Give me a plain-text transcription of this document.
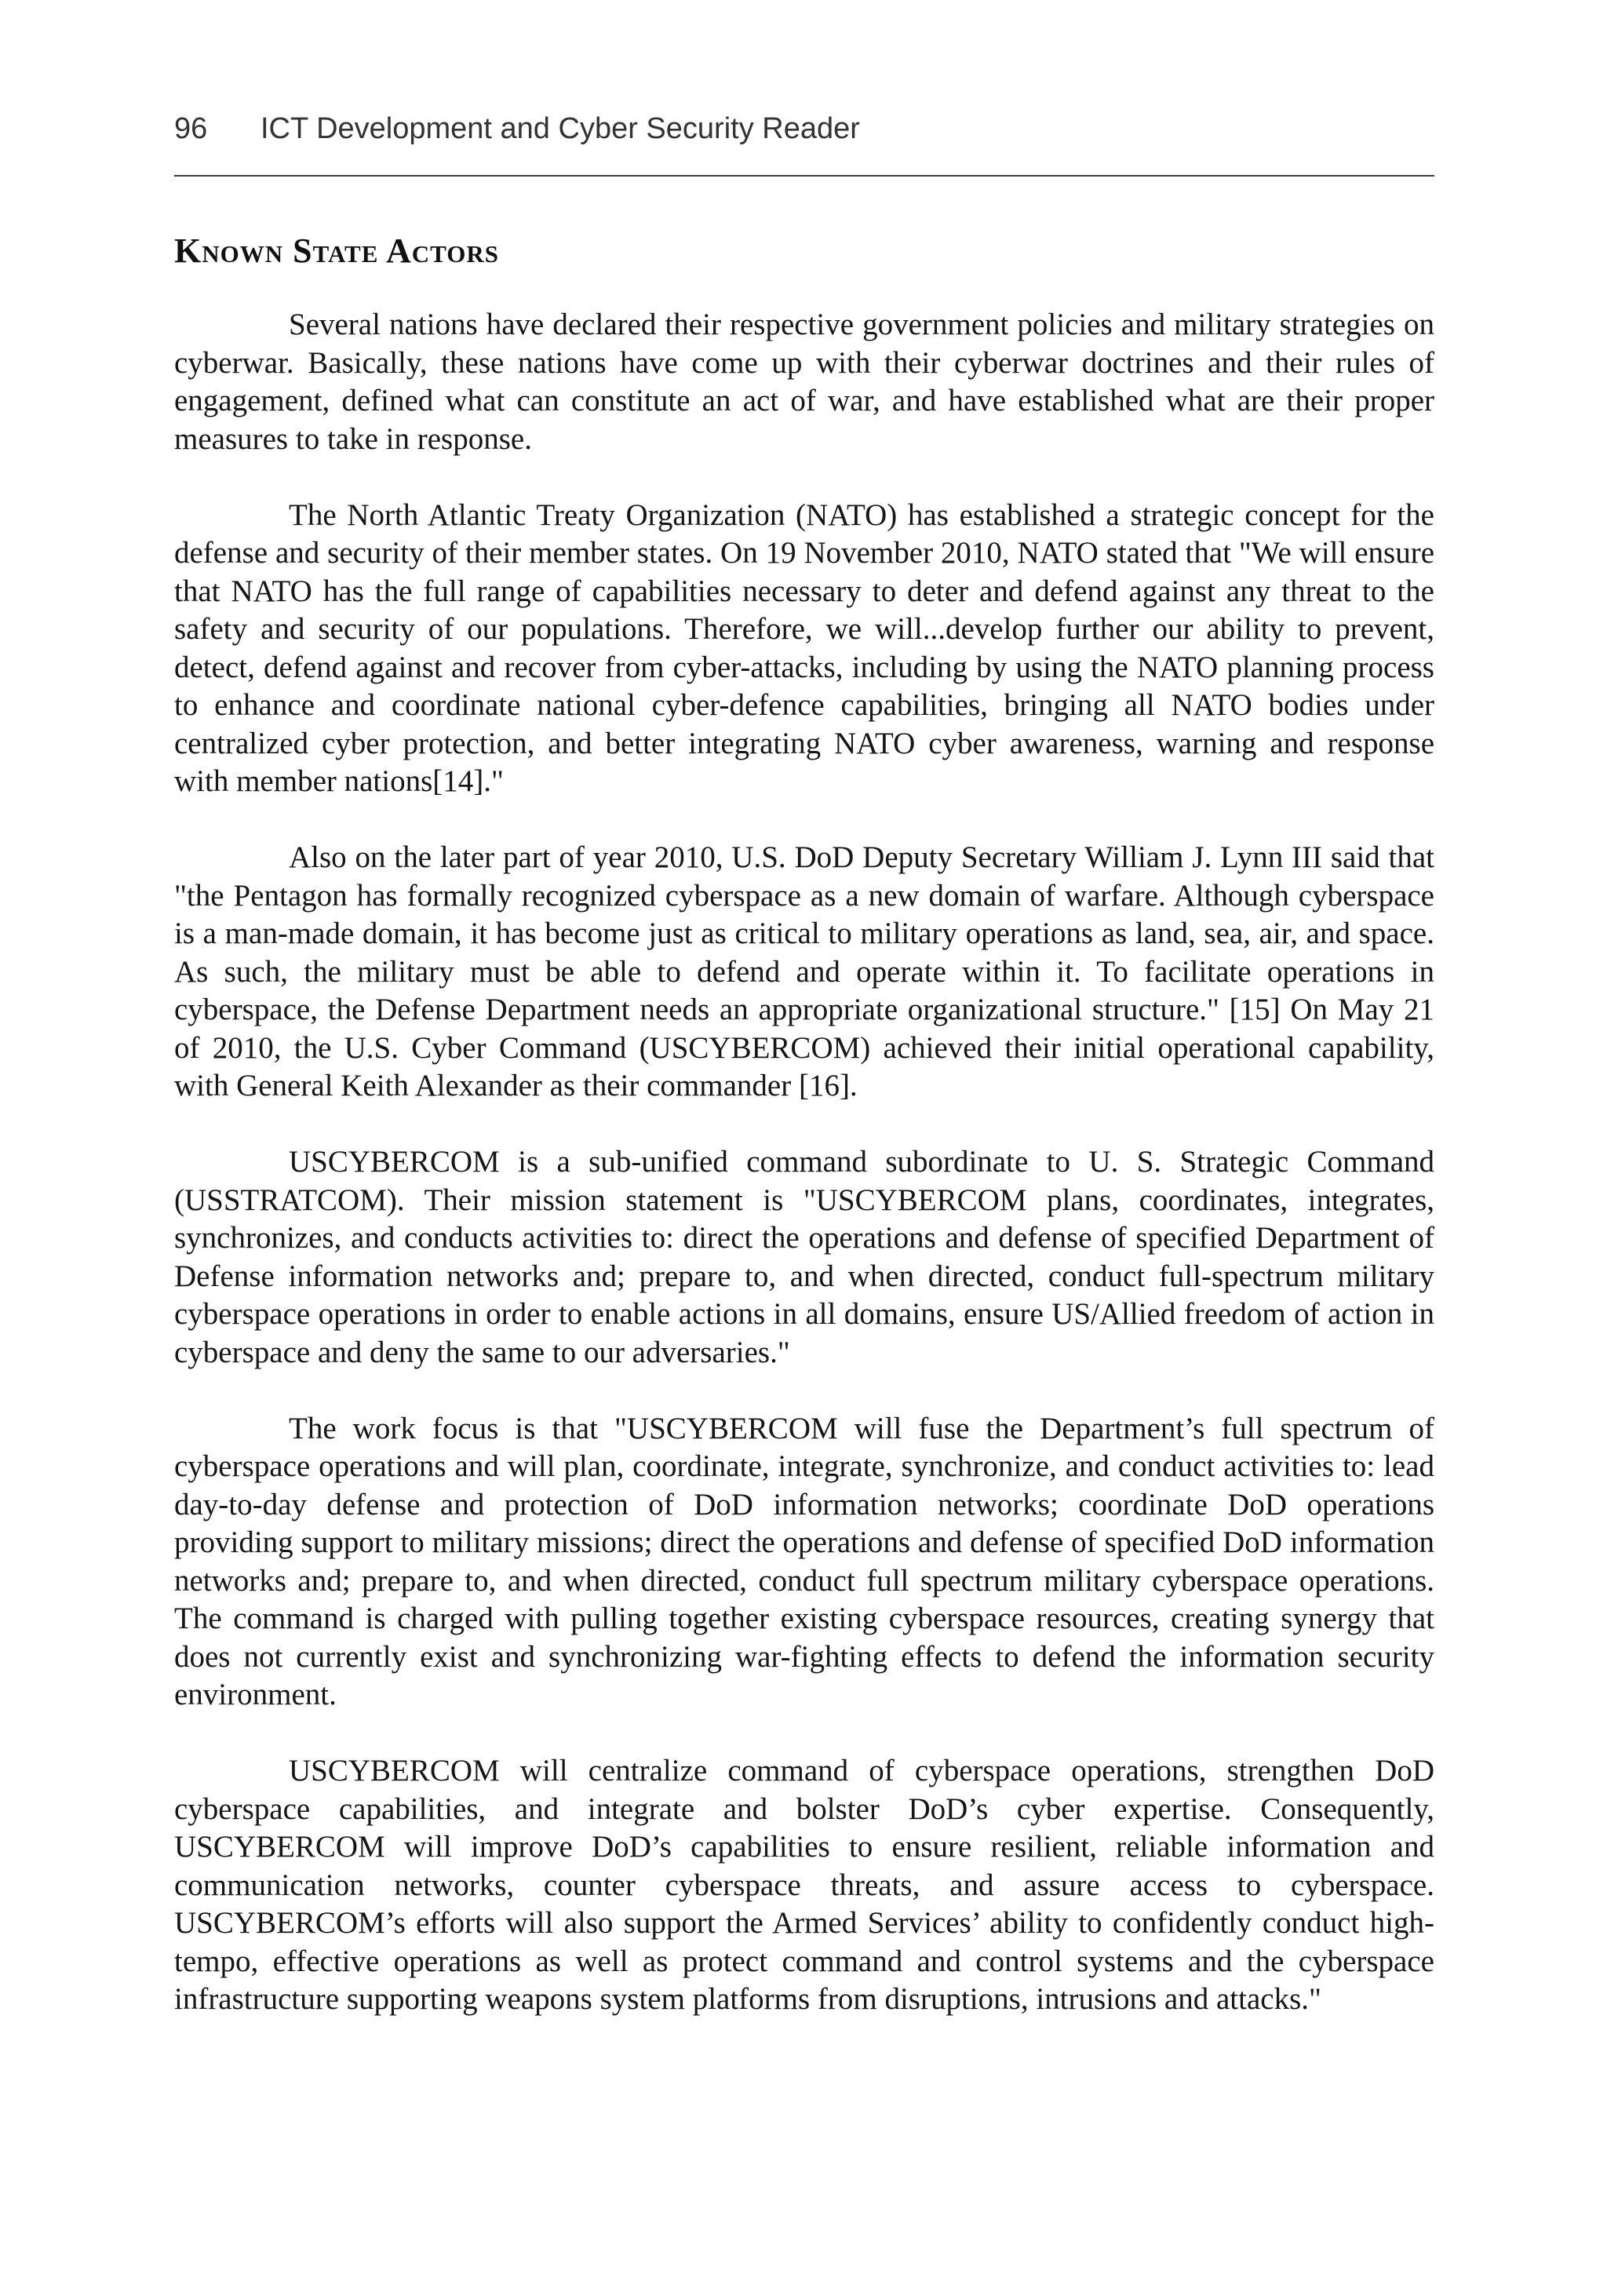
96 ICT Development and Cyber Security Reader
Known State Actors

Several nations have declared their respective government policies and military strategies on cyberwar. Basically, these nations have come up with their cyberwar doctrines and their rules of engagement, defined what can constitute an act of war, and have established what are their proper measures to take in response.

The North Atlantic Treaty Organization (NATO) has established a strategic concept for the defense and security of their member states. On 19 November 2010, NATO stated that "We will ensure that NATO has the full range of capabilities necessary to deter and defend against any threat to the safety and security of our populations. Therefore, we will...develop further our ability to prevent, detect, defend against and recover from cyber-attacks, including by using the NATO planning process to enhance and coordinate national cyber-defence capabilities, bringing all NATO bodies under centralized cyber protection, and better integrating NATO cyber awareness, warning and response with member nations[14]."

Also on the later part of year 2010, U.S. DoD Deputy Secretary William J. Lynn III said that "the Pentagon has formally recognized cyberspace as a new domain of warfare. Although cyberspace is a man-made domain, it has become just as critical to military operations as land, sea, air, and space. As such, the military must be able to defend and operate within it. To facilitate operations in cyberspace, the Defense Department needs an appropriate organizational structure." [15] On May 21 of 2010, the U.S. Cyber Command (USCYBERCOM) achieved their initial operational capability, with General Keith Alexander as their commander [16].

USCYBERCOM is a sub-unified command subordinate to U. S. Strategic Command (USSTRATCOM). Their mission statement is "USCYBERCOM plans, coordinates, integrates, synchronizes, and conducts activities to: direct the operations and defense of specified Department of Defense information networks and; prepare to, and when directed, conduct full-spectrum military cyberspace operations in order to enable actions in all domains, ensure US/Allied freedom of action in cyberspace and deny the same to our adversaries."

The work focus is that "USCYBERCOM will fuse the Department’s full spectrum of cyberspace operations and will plan, coordinate, integrate, synchronize, and conduct activities to: lead day-to-day defense and protection of DoD information networks; coordinate DoD operations providing support to military missions; direct the operations and defense of specified DoD information networks and; prepare to, and when directed, conduct full spectrum military cyberspace operations. The command is charged with pulling together existing cyberspace resources, creating synergy that does not currently exist and synchronizing war-fighting effects to defend the information security environment.

USCYBERCOM will centralize command of cyberspace operations, strengthen DoD cyberspace capabilities, and integrate and bolster DoD’s cyber expertise. Consequently, USCYBERCOM will improve DoD’s capabilities to ensure resilient, reliable information and communication networks, counter cyberspace threats, and assure access to cyberspace. USCYBERCOM’s efforts will also support the Armed Services’ ability to confidently conduct high-tempo, effective operations as well as protect command and control systems and the cyberspace infrastructure supporting weapons system platforms from disruptions, intrusions and attacks."
